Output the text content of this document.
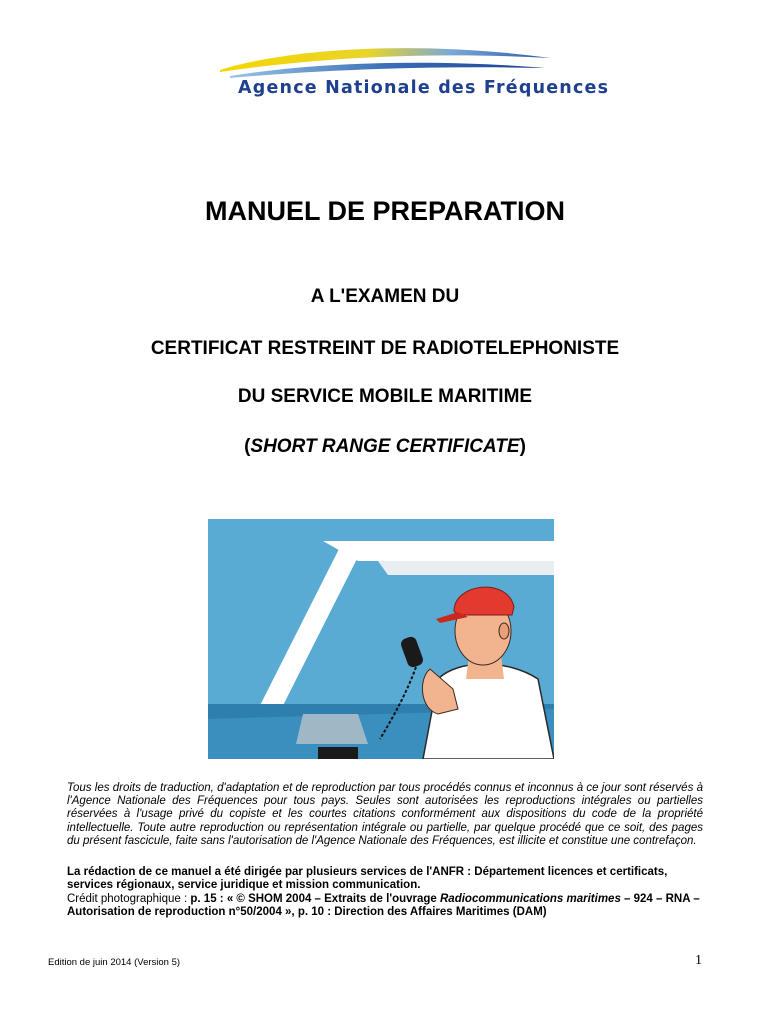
Agence Nationale des Fréquences
MANUEL DE PREPARATION

A L'EXAMEN DU

CERTIFICAT RESTREINT DE RADIOTELEPHONISTE

DU SERVICE MOBILE MARITIME

(SHORT RANGE CERTIFICATE)

Tous les droits de traduction, d'adaptation et de reproduction par tous procédés connus et inconnus à ce jour sont réservés à l'Agence Nationale des Fréquences pour tous pays. Seules sont autorisées les reproductions intégrales ou partielles réservées à l'usage privé du copiste et les courtes citations conformément aux dispositions du code de la propriété intellectuelle. Toute autre reproduction ou représentation intégrale ou partielle, par quelque procédé que ce soit, des pages du présent fascicule, faite sans l'autorisation de l'Agence Nationale des Fréquences, est illicite et constitue une contrefaçon.

La rédaction de ce manuel a été dirigée par plusieurs services de l'ANFR : Département licences et certificats, services régionaux, service juridique et mission communication.
Crédit photographique : p. 15 : « © SHOM 2004 – Extraits de l'ouvrage Radiocommunications maritimes – 924 – RNA – Autorisation de reproduction n°50/2004 », p. 10 : Direction des Affaires Maritimes (DAM)
Edition de juin 2014 (Version 5)	1
